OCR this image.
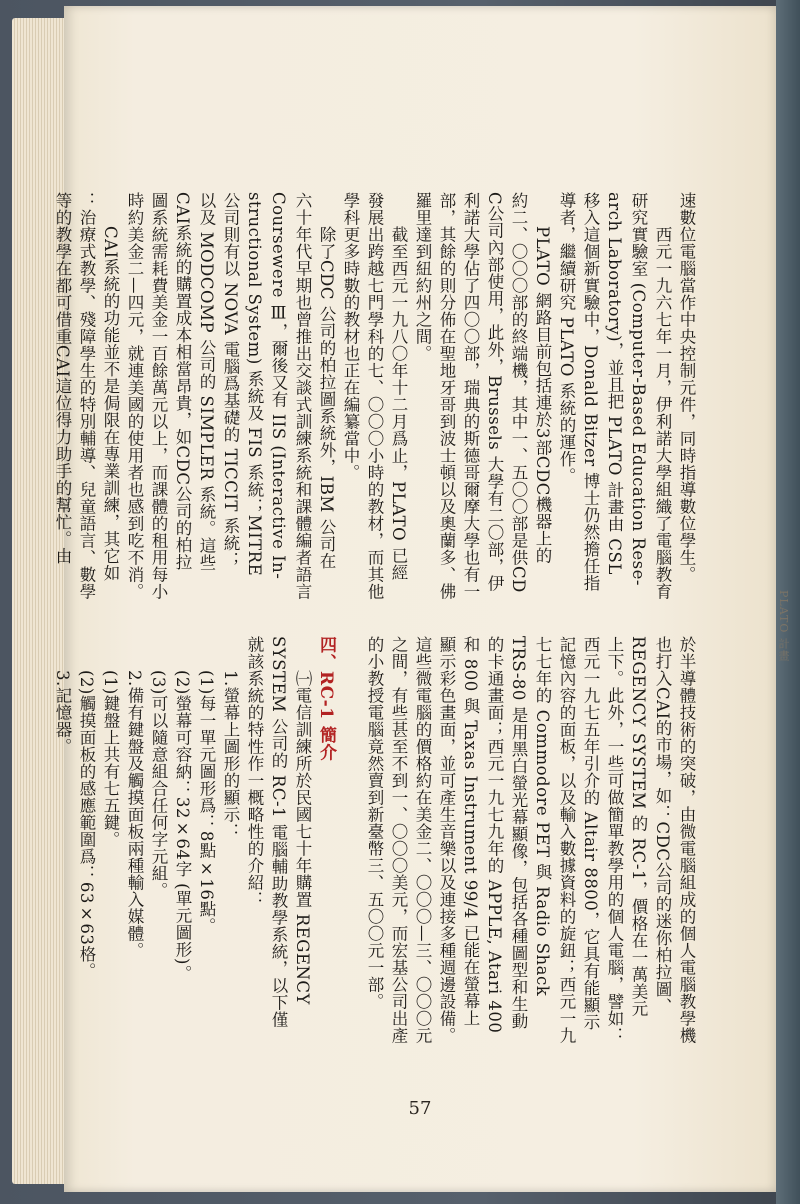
速數位電腦當作中央控制元件，同時指導數位學生。

　　西元一九六七年一月，伊利諾大學組織了電腦教育

研究實驗室 (Computer-Based Education Rese-

arch Laboratory)，並且把 PLATO 計畫由 CSL

移入這個新實驗中，Donald Bitzer 博士仍然擔任指

導者，繼續研究 PLATO 系統的運作。

　　PLATO 網路目前包括連於3部CDC機器上的

約二、〇〇〇部的終端機，其中一、五〇〇部是供CD

C公司內部使用，此外，Brussels 大學有二〇部，伊

利諾大學佔了四〇〇部，瑞典的斯德哥爾摩大學也有一

部，其餘的則分佈在聖地牙哥到波士頓以及奧蘭多、佛

羅里達到紐約州之間。

　　截至西元一九八〇年十二月爲止，PLATO 已經

發展出跨越七門學科的七、〇〇〇小時的教材，而其他

學科更多時數的教材也正在編纂當中。

　　除了CDC 公司的柏拉圖系統外，IBM 公司在

六十年代早期也曾推出交談式訓練系統和課體編者語言

Coursewere Ⅲ，爾後又有 IIS (Interactive In-

structional System) 系統及 FIS 系統；MITRE

公司則有以 NOVA 電腦爲基礎的 TICCIT 系統；

以及 MODCOMP 公司的 SIMPLER 系統。這些

CAI系統的購置成本相當昂貴，如CDC公司的柏拉

圖系統需耗費美金一百餘萬元以上，而課體的租用每小

時約美金二—四元，就連美國的使用者也感到吃不消。

　　CAI系統的功能並不是侷限在專業訓練，其它如

：治療式教學、殘障學生的特別輔導、兒童語言、數學

等的教學在都可借重CAI這位得力助手的幫忙。由

於半導體技術的突破，由微電腦組成的個人電腦教學機

也打入CAI的市場，如：CDC公司的迷你柏拉圖、

REGENCY SYSTEM 的 RC-1，價格在一萬美元

上下。此外，一些可做簡單教學用的個人電腦，譬如：

西元一九七五年引介的 Altair 8800，它具有能顯示

記憶內容的面板，以及輸入數據資料的旋鈕；西元一九

七七年的 Commodore PET 與 Radio Shack

TRS-80 是用黑白螢光幕顯像，包括各種圖型和生動

的卡通畫面；西元一九七九年的 APPLE, Atari 400

和 800 與 Taxas Instrument 99/4 已能在螢幕上

顯示彩色畫面，並可產生音樂以及連接多種週邊設備。

這些微電腦的價格約在美金二、〇〇〇—三、〇〇〇元

之間，有些甚至不到一、〇〇〇美元，而宏基公司出產

的小教授電腦竟然賣到新臺幣三、五〇〇元一部。

四、RC-1 簡介

　　㈠電信訓練所於民國七十年購置 REGENCY

SYSTEM 公司的 RC-1 電腦輔助教學系統，以下僅

就該系統的特性作一概略性的介紹：

　　1.螢幕上圖形的顯示：

　　(1)每一單元圖形爲：8點×16點。

　　(2)螢幕可容納：32×64字 (單元圖形)。

　　(3)可以隨意組合任何字元組。

　　2.備有鍵盤及觸摸面板兩種輸入媒體。

　　(1)鍵盤上共有七五鍵。

　　(2)觸摸面板的感應範圍爲：63×63格。

　　3.記憶器。

57
PLATO 計畫
